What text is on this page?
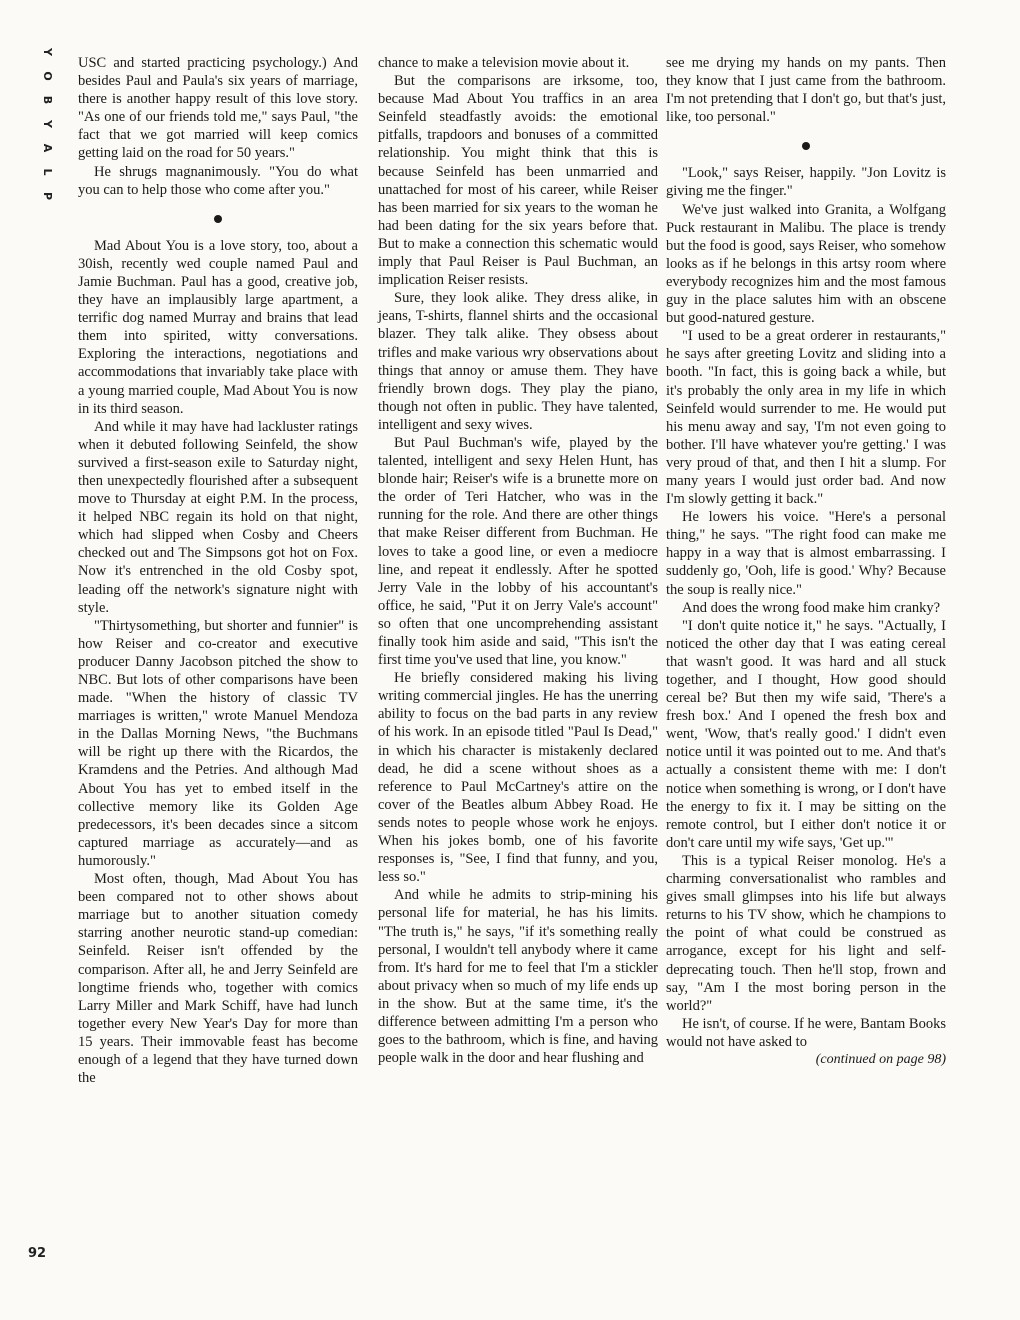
Y
O
B
Y
A
L
P

USC and started practicing psychology.) And besides Paul and Paula's six years of marriage, there is another happy result of this love story. "As one of our friends told me," says Paul, "the fact that we got married will keep comics getting laid on the road for 50 years."

He shrugs magnanimously. "You do what you can to help those who come after you."

Mad About You is a love story, too, about a 30ish, recently wed couple named Paul and Jamie Buchman. Paul has a good, creative job, they have an implausibly large apartment, a terrific dog named Murray and brains that lead them into spirited, witty conversations. Exploring the interactions, negotiations and accommodations that invariably take place with a young married couple, Mad About You is now in its third season.

And while it may have had lackluster ratings when it debuted following Seinfeld, the show survived a first-season exile to Saturday night, then unexpectedly flourished after a subsequent move to Thursday at eight P.M. In the process, it helped NBC regain its hold on that night, which had slipped when Cosby and Cheers checked out and The Simpsons got hot on Fox. Now it's entrenched in the old Cosby spot, leading off the network's signature night with style.

"Thirtysomething, but shorter and funnier" is how Reiser and co-creator and executive producer Danny Jacobson pitched the show to NBC. But lots of other comparisons have been made. "When the history of classic TV marriages is written," wrote Manuel Mendoza in the Dallas Morning News, "the Buchmans will be right up there with the Ricardos, the Kramdens and the Petries. And although Mad About You has yet to embed itself in the collective memory like its Golden Age predecessors, it's been decades since a sitcom captured marriage as accurately—and as humorously."

Most often, though, Mad About You has been compared not to other shows about marriage but to another situation comedy starring another neurotic stand-up comedian: Seinfeld. Reiser isn't offended by the comparison. After all, he and Jerry Seinfeld are longtime friends who, together with comics Larry Miller and Mark Schiff, have had lunch together every New Year's Day for more than 15 years. Their immovable feast has become enough of a legend that they have turned down the

chance to make a television movie about it.

But the comparisons are irksome, too, because Mad About You traffics in an area Seinfeld steadfastly avoids: the emotional pitfalls, trapdoors and bonuses of a committed relationship. You might think that this is because Seinfeld has been unmarried and unattached for most of his career, while Reiser has been married for six years to the woman he had been dating for the six years before that. But to make a connection this schematic would imply that Paul Reiser is Paul Buchman, an implication Reiser resists.

Sure, they look alike. They dress alike, in jeans, T-shirts, flannel shirts and the occasional blazer. They talk alike. They obsess about trifles and make various wry observations about things that annoy or amuse them. They have friendly brown dogs. They play the piano, though not often in public. They have talented, intelligent and sexy wives.

But Paul Buchman's wife, played by the talented, intelligent and sexy Helen Hunt, has blonde hair; Reiser's wife is a brunette more on the order of Teri Hatcher, who was in the running for the role. And there are other things that make Reiser different from Buchman. He loves to take a good line, or even a mediocre line, and repeat it endlessly. After he spotted Jerry Vale in the lobby of his accountant's office, he said, "Put it on Jerry Vale's account" so often that one uncomprehending assistant finally took him aside and said, "This isn't the first time you've used that line, you know."

He briefly considered making his living writing commercial jingles. He has the unerring ability to focus on the bad parts in any review of his work. In an episode titled "Paul Is Dead," in which his character is mistakenly declared dead, he did a scene without shoes as a reference to Paul McCartney's attire on the cover of the Beatles album Abbey Road. He sends notes to people whose work he enjoys. When his jokes bomb, one of his favorite responses is, "See, I find that funny, and you, less so."

And while he admits to strip-mining his personal life for material, he has his limits. "The truth is," he says, "if it's something really personal, I wouldn't tell anybody where it came from. It's hard for me to feel that I'm a stickler about privacy when so much of my life ends up in the show. But at the same time, it's the difference between admitting I'm a person who goes to the bathroom, which is fine, and having people walk in the door and hear flushing and

see me drying my hands on my pants. Then they know that I just came from the bathroom. I'm not pretending that I don't go, but that's just, like, too personal."

"Look," says Reiser, happily. "Jon Lovitz is giving me the finger."

We've just walked into Granita, a Wolfgang Puck restaurant in Malibu. The place is trendy but the food is good, says Reiser, who somehow looks as if he belongs in this artsy room where everybody recognizes him and the most famous guy in the place salutes him with an obscene but good-natured gesture.

"I used to be a great orderer in restaurants," he says after greeting Lovitz and sliding into a booth. "In fact, this is going back a while, but it's probably the only area in my life in which Seinfeld would surrender to me. He would put his menu away and say, 'I'm not even going to bother. I'll have whatever you're getting.' I was very proud of that, and then I hit a slump. For many years I would just order bad. And now I'm slowly getting it back."

He lowers his voice. "Here's a personal thing," he says. "The right food can make me happy in a way that is almost embarrassing. I suddenly go, 'Ooh, life is good.' Why? Because the soup is really nice."

And does the wrong food make him cranky?

"I don't quite notice it," he says. "Actually, I noticed the other day that I was eating cereal that wasn't good. It was hard and all stuck together, and I thought, How good should cereal be? But then my wife said, 'There's a fresh box.' And I opened the fresh box and went, 'Wow, that's really good.' I didn't even notice until it was pointed out to me. And that's actually a consistent theme with me: I don't notice when something is wrong, or I don't have the energy to fix it. I may be sitting on the remote control, but I either don't notice it or don't care until my wife says, 'Get up.'"

This is a typical Reiser monolog. He's a charming conversationalist who rambles and gives small glimpses into his life but always returns to his TV show, which he champions to the point of what could be construed as arrogance, except for his light and self-deprecating touch. Then he'll stop, frown and say, "Am I the most boring person in the world?"

He isn't, of course. If he were, Bantam Books would not have asked to

(continued on page 98)

92
